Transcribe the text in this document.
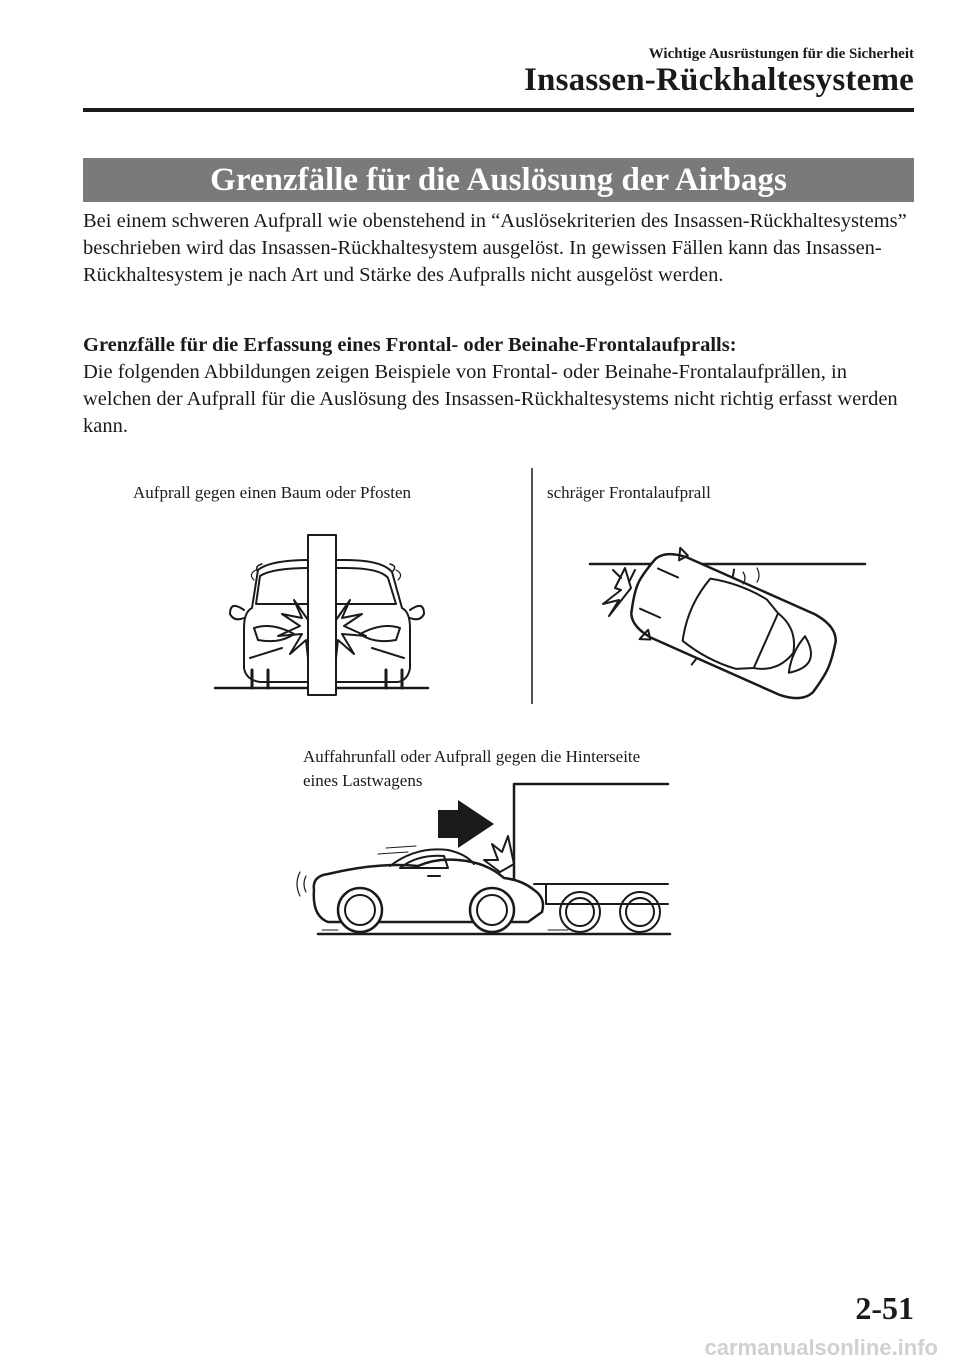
Wichtige Ausrüstungen für die Sicherheit
Insassen-Rückhaltesysteme
Grenzfälle für die Auslösung der Airbags
Bei einem schweren Aufprall wie obenstehend in “Auslösekriterien des Insassen-Rückhaltesystems” beschrieben wird das Insassen-Rückhaltesystem ausgelöst. In gewissen Fällen kann das Insassen-Rückhaltesystem je nach Art und Stärke des Aufpralls nicht ausgelöst werden.
Grenzfälle für die Erfassung eines Frontal- oder Beinahe-Frontalaufpralls:
Die folgenden Abbildungen zeigen Beispiele von Frontal- oder Beinahe-Frontalaufprällen, in welchen der Aufprall für die Auslösung des Insassen-Rückhaltesystems nicht richtig erfasst werden kann.
Aufprall gegen einen Baum oder Pfosten	schräger Frontalaufprall
Auffahrunfall oder Aufprall gegen die Hinterseite
eines Lastwagens
2-51
carmanualsonline.info
